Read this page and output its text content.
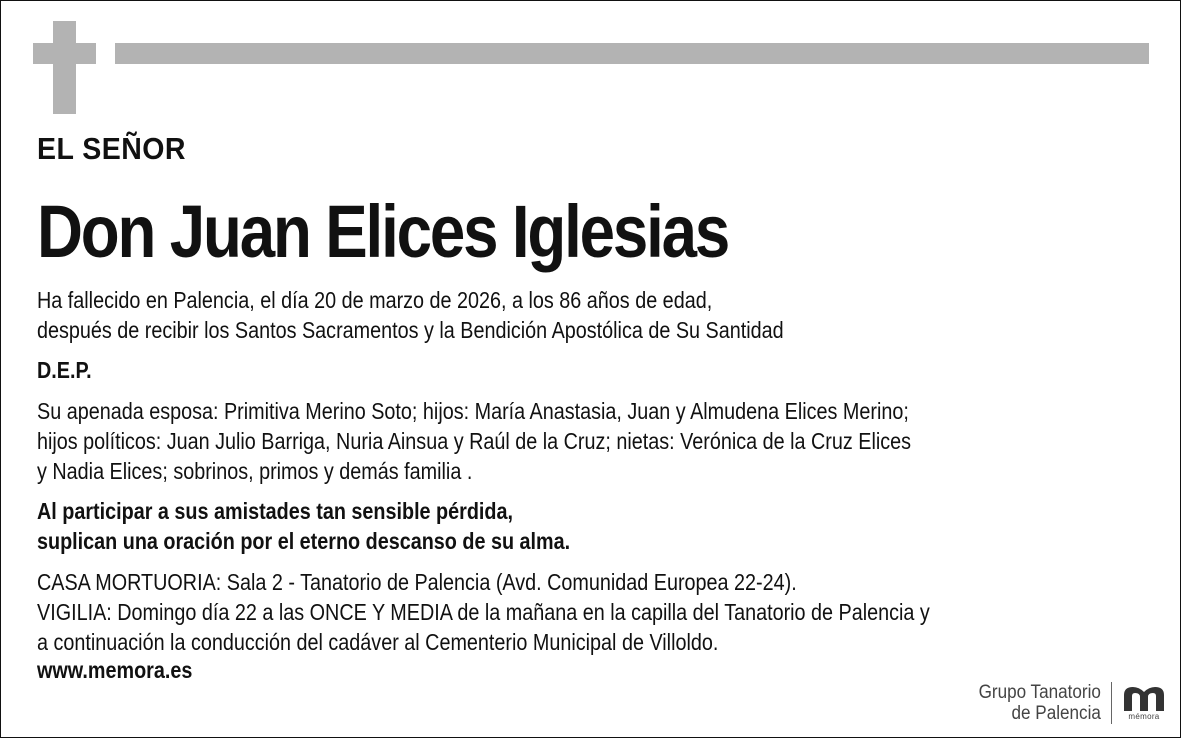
EL SEÑOR
Don Juan Elices Iglesias
Ha fallecido en Palencia, el día 20 de marzo de 2026, a los 86 años de edad,
después de recibir los Santos Sacramentos y la Bendición Apostólica de Su Santidad
D.E.P.
Su apenada esposa: Primitiva Merino Soto; hijos: María Anastasia, Juan y Almudena Elices Merino;
hijos políticos: Juan Julio Barriga, Nuria Ainsua y Raúl de la Cruz; nietas: Verónica de la Cruz Elices
y Nadia Elices; sobrinos, primos y demás familia .
Al participar a sus amistades tan sensible pérdida,
suplican una oración por el eterno descanso de su alma.
CASA MORTUORIA: Sala 2 - Tanatorio de Palencia (Avd. Comunidad Europea 22-24).
VIGILIA: Domingo día 22 a las ONCE Y MEDIA de la mañana en la capilla del Tanatorio de Palencia y
a continuación la conducción del cadáver al Cementerio Municipal de Villoldo.
www.memora.es
Grupo Tanatorio
de Palencia	mémora
